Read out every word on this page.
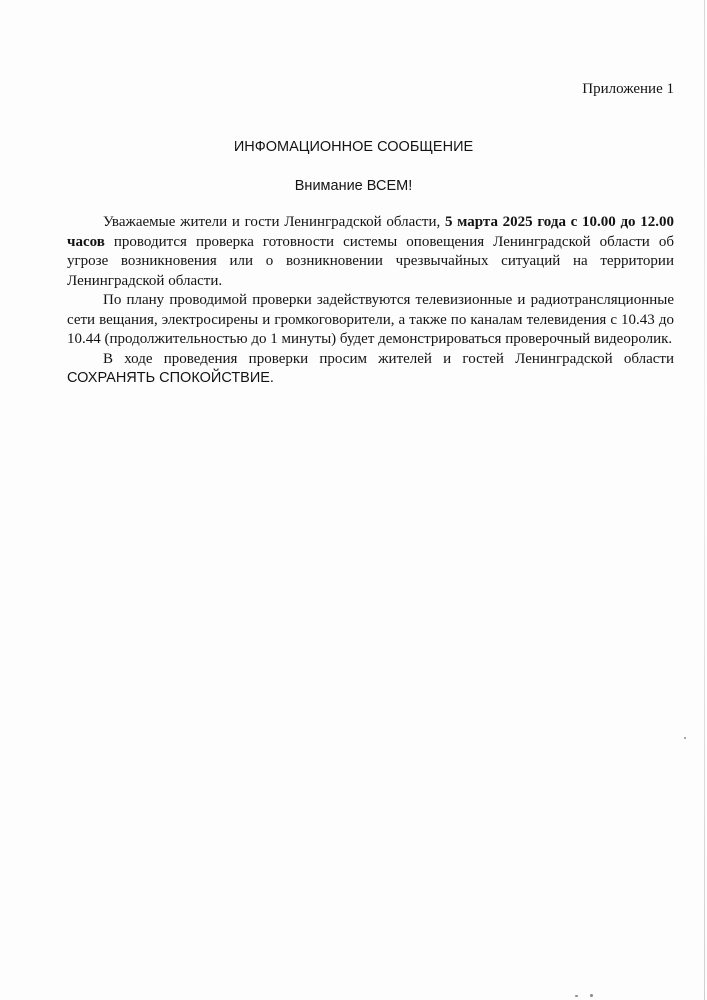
Приложение 1

ИНФОМАЦИОННОЕ СООБЩЕНИЕ

Внимание ВСЕМ!

Уважаемые жители и гости Ленинградской области, 5 марта 2025 года с 10.00 до 12.00 часов проводится проверка готовности системы оповещения Ленинградской области об угрозе возникновения или о возникновении чрезвычайных ситуаций на территории Ленинградской области.

По плану проводимой проверки задействуются телевизионные и радиотрансляционные сети вещания, электросирены и громкоговорители, а также по каналам телевидения с 10.43 до 10.44 (продолжительностью до 1 минуты) будет демонстрироваться проверочный видеоролик.

В ходе проведения проверки просим жителей и гостей Ленинградской области СОХРАНЯТЬ СПОКОЙСТВИЕ.
